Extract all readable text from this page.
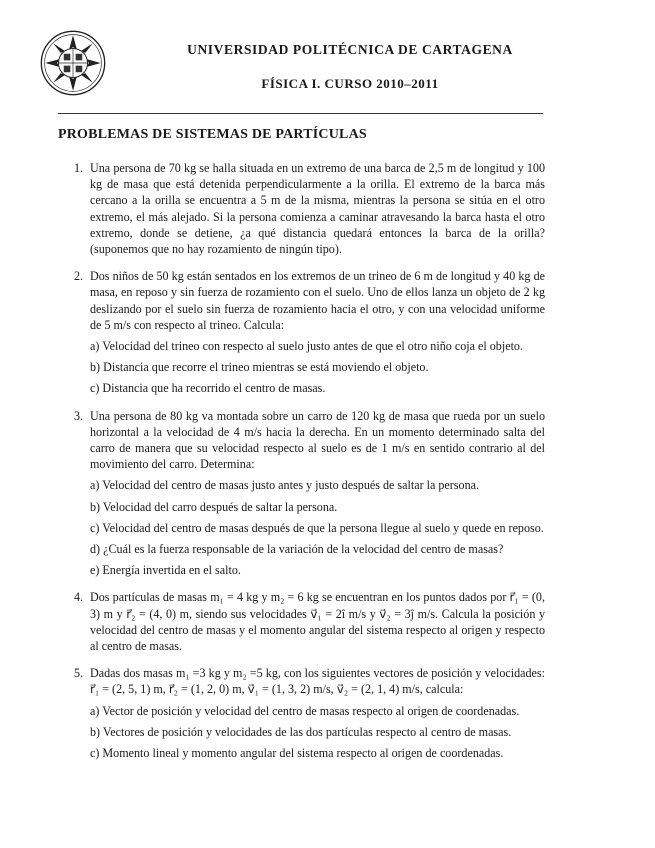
UNIVERSIDAD POLITÉCNICA DE CARTAGENA
FÍSICA I. CURSO 2010–2011
PROBLEMAS DE SISTEMAS DE PARTÍCULAS
1. Una persona de 70 kg se halla situada en un extremo de una barca de 2,5 m de longitud y 100 kg de masa que está detenida perpendicularmente a la orilla. El extremo de la barca más cercano a la orilla se encuentra a 5 m de la misma, mientras la persona se sitúa en el otro extremo, el más alejado. Si la persona comienza a caminar atravesando la barca hasta el otro extremo, donde se detiene, ¿a qué distancia quedará entonces la barca de la orilla? (suponemos que no hay rozamiento de ningún tipo).

2. Dos niños de 50 kg están sentados en los extremos de un trineo de 6 m de longitud y 40 kg de masa, en reposo y sin fuerza de rozamiento con el suelo. Uno de ellos lanza un objeto de 2 kg deslizando por el suelo sin fuerza de rozamiento hacia el otro, y con una velocidad uniforme de 5 m/s con respecto al trineo. Calcula:

a) Velocidad del trineo con respecto al suelo justo antes de que el otro niño coja el objeto.

b) Distancia que recorre el trineo mientras se está moviendo el objeto.

c) Distancia que ha recorrido el centro de masas.

3. Una persona de 80 kg va montada sobre un carro de 120 kg de masa que rueda por un suelo horizontal a la velocidad de 4 m/s hacia la derecha. En un momento determinado salta del carro de manera que su velocidad respecto al suelo es de 1 m/s en sentido contrario al del movimiento del carro. Determina:

a) Velocidad del centro de masas justo antes y justo después de saltar la persona.

b) Velocidad del carro después de saltar la persona.

c) Velocidad del centro de masas después de que la persona llegue al suelo y quede en reposo.

d) ¿Cuál es la fuerza responsable de la variación de la velocidad del centro de masas?

e) Energía invertida en el salto.

4. Dos partículas de masas m₁ = 4 kg y m₂ = 6 kg se encuentran en los puntos dados por r⃗₁ = (0, 3) m y r⃗₂ = (4, 0) m, siendo sus velocidades v⃗₁ = 2î m/s y v⃗₂ = 3ĵ m/s. Calcula la posición y velocidad del centro de masas y el momento angular del sistema respecto al origen y respecto al centro de masas.

5. Dadas dos masas m₁ =3 kg y m₂ =5 kg, con los siguientes vectores de posición y velocidades: r⃗₁ = (2, 5, 1) m, r⃗₂ = (1, 2, 0) m, v⃗₁ = (1, 3, 2) m/s, v⃗₂ = (2, 1, 4) m/s, calcula:

a) Vector de posición y velocidad del centro de masas respecto al origen de coordenadas.

b) Vectores de posición y velocidades de las dos partículas respecto al centro de masas.

c) Momento lineal y momento angular del sistema respecto al origen de coordenadas.
